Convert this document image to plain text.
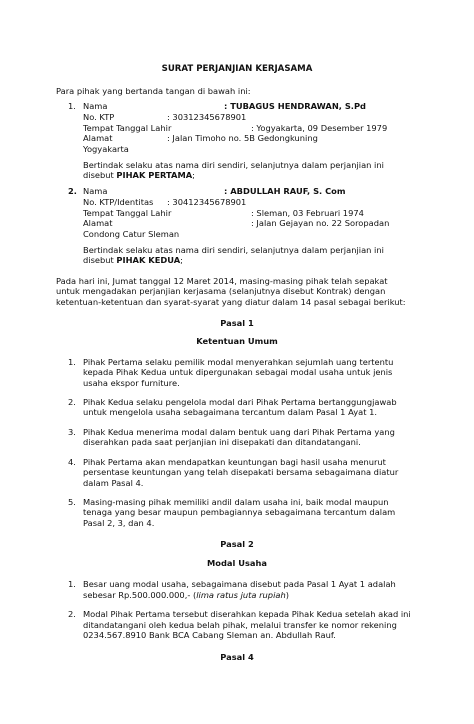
SURAT PERJANJIAN KERJASAMA
Para pihak yang bertanda tangan di bawah ini:
1. Nama	: TUBAGUS HENDRAWAN, S.Pd
No. KTP	: 30312345678901
Tempat Tanggal Lahir	: Yogyakarta, 09 Desember 1979
Alamat	: Jalan Timoho no. 5B Gedongkuning
Yogyakarta
Bertindak selaku atas nama diri sendiri, selanjutnya dalam perjanjian ini
disebut PIHAK PERTAMA;
2. Nama	: ABDULLAH RAUF, S. Com
No. KTP/Identitas : 30412345678901
Tempat Tanggal Lahir	: Sleman, 03 Februari 1974
Alamat	: Jalan Gejayan no. 22 Soropadan
Condong Catur Sleman
Bertindak selaku atas nama diri sendiri, selanjutnya dalam perjanjian ini
disebut PIHAK KEDUA;
Pada hari ini, Jumat tanggal 12 Maret 2014, masing-masing pihak telah sepakat
untuk mengadakan perjanjian kerjasama (selanjutnya disebut Kontrak) dengan
ketentuan-ketentuan dan syarat-syarat yang diatur dalam 14 pasal sebagai berikut:
Pasal 1
Ketentuan Umum
1. Pihak Pertama selaku pemilik modal menyerahkan sejumlah uang tertentu
kepada Pihak Kedua untuk dipergunakan sebagai modal usaha untuk jenis
usaha ekspor furniture.
2. Pihak Kedua selaku pengelola modal dari Pihak Pertama bertanggungjawab
untuk mengelola usaha sebagaimana tercantum dalam Pasal 1 Ayat 1.
3. Pihak Kedua menerima modal dalam bentuk uang dari Pihak Pertama yang
diserahkan pada saat perjanjian ini disepakati dan ditandatangani.
4. Pihak Pertama akan mendapatkan keuntungan bagi hasil usaha menurut
persentase keuntungan yang telah disepakati bersama sebagaimana diatur
dalam Pasal 4.
5. Masing-masing pihak memiliki andil dalam usaha ini, baik modal maupun
tenaga yang besar maupun pembagiannya sebagaimana tercantum dalam
Pasal 2, 3, dan 4.
Pasal 2
Modal Usaha
1. Besar uang modal usaha, sebagaimana disebut pada Pasal 1 Ayat 1 adalah
sebesar Rp.500.000.000,- (lima ratus juta rupiah)
2. Modal Pihak Pertama tersebut diserahkan kepada Pihak Kedua setelah akad ini
ditandatangani oleh kedua belah pihak, melalui transfer ke nomor rekening
0234.567.8910 Bank BCA Cabang Sleman an. Abdullah Rauf.
Pasal 4
